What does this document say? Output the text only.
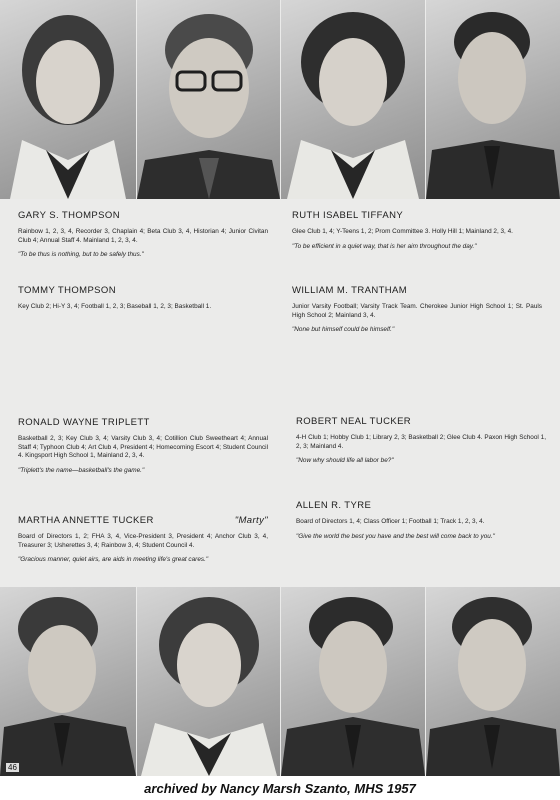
GARY S. THOMPSON

Rainbow 1, 2, 3, 4, Recorder 3, Chaplain 4; Beta Club 3, 4, Historian 4; Junior Civitan Club 4; Annual Staff 4. Mainland 1, 2, 3, 4.

"To be thus is nothing, but to be safely thus."

TOMMY THOMPSON

Key Club 2; Hi-Y 3, 4; Football 1, 2, 3; Baseball 1, 2, 3; Basketball 1.

RONALD WAYNE TRIPLETT

Basketball 2, 3; Key Club 3, 4; Varsity Club 3, 4; Cotillion Club Sweetheart 4; Annual Staff 4; Typhoon Club 4; Art Club 4, President 4; Homecoming Escort 4; Student Council 4. Kingsport High School 1, Mainland 2, 3, 4.

"Triplett's the name—basketball's the game."

MARTHA ANNETTE TUCKER	"Marty"

Board of Directors 1, 2; FHA 3, 4, Vice-President 3, President 4; Anchor Club 3, 4, Treasurer 3; Usherettes 3, 4; Rainbow 3, 4; Student Council 4.

"Gracious manner, quiet airs, are aids in meeting life's great cares."

RUTH ISABEL TIFFANY

Glee Club 1, 4; Y-Teens 1, 2; Prom Committee 3. Holly Hill 1; Mainland 2, 3, 4.

"To be efficient in a quiet way, that is her aim throughout the day."

WILLIAM M. TRANTHAM

Junior Varsity Football; Varsity Track Team. Cherokee Junior High School 1; St. Pauls High School 2; Mainland 3, 4.

"None but himself could be himself."

ROBERT NEAL TUCKER

4-H Club 1; Hobby Club 1; Library 2, 3; Basketball 2; Glee Club 4. Paxon High School 1, 2, 3; Mainland 4.

"Now why should life all labor be?"

ALLEN R. TYRE

Board of Directors 1, 4; Class Officer 1; Football 1; Track 1, 2, 3, 4.

"Give the world the best you have and the best will come back to you."

46
archived by Nancy Marsh Szanto, MHS 1957
